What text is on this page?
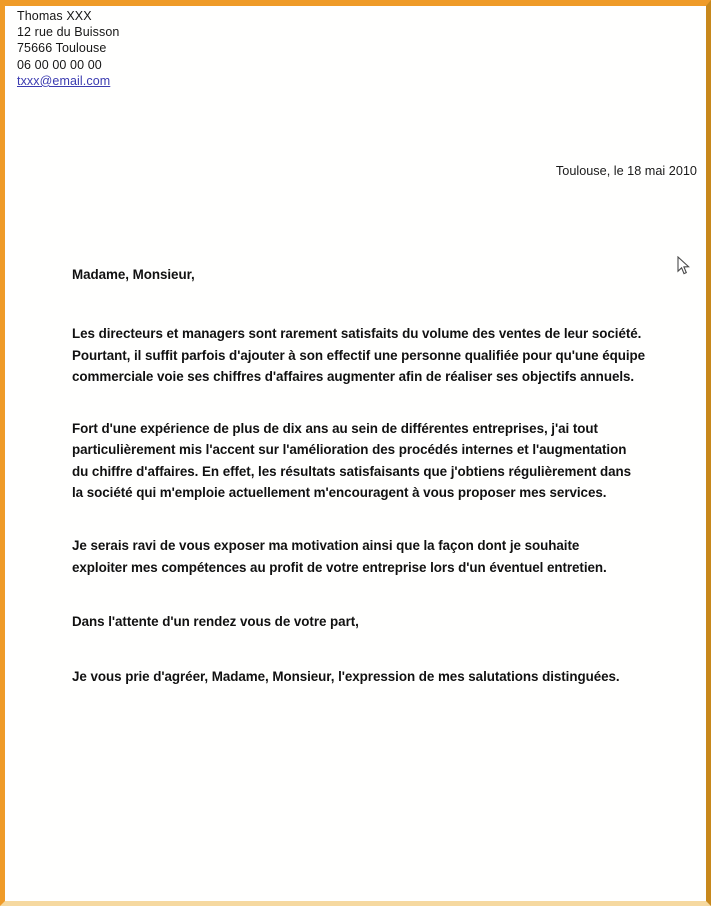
Thomas XXX
12 rue du Buisson
75666 Toulouse
06 00 00 00 00
txxx@email.com
Toulouse, le 18 mai 2010

Madame, Monsieur,

Les directeurs et managers sont rarement satisfaits du volume des ventes de leur société. Pourtant, il suffit parfois d'ajouter à son effectif une personne qualifiée pour qu'une équipe commerciale voie ses chiffres d'affaires augmenter afin de réaliser ses objectifs annuels.

Fort d'une expérience de plus de dix ans au sein de différentes entreprises, j'ai tout particulièrement mis l'accent sur l'amélioration des procédés internes et l'augmentation du chiffre d'affaires. En effet, les résultats satisfaisants que j'obtiens régulièrement dans la société qui m'emploie actuellement m'encouragent à vous proposer mes services.

Je serais ravi de vous exposer ma motivation ainsi que la façon dont je souhaite exploiter mes compétences au profit de votre entreprise lors d'un éventuel entretien.

Dans l'attente d'un rendez vous de votre part,

Je vous prie d'agréer, Madame, Monsieur, l'expression de mes salutations distinguées.
